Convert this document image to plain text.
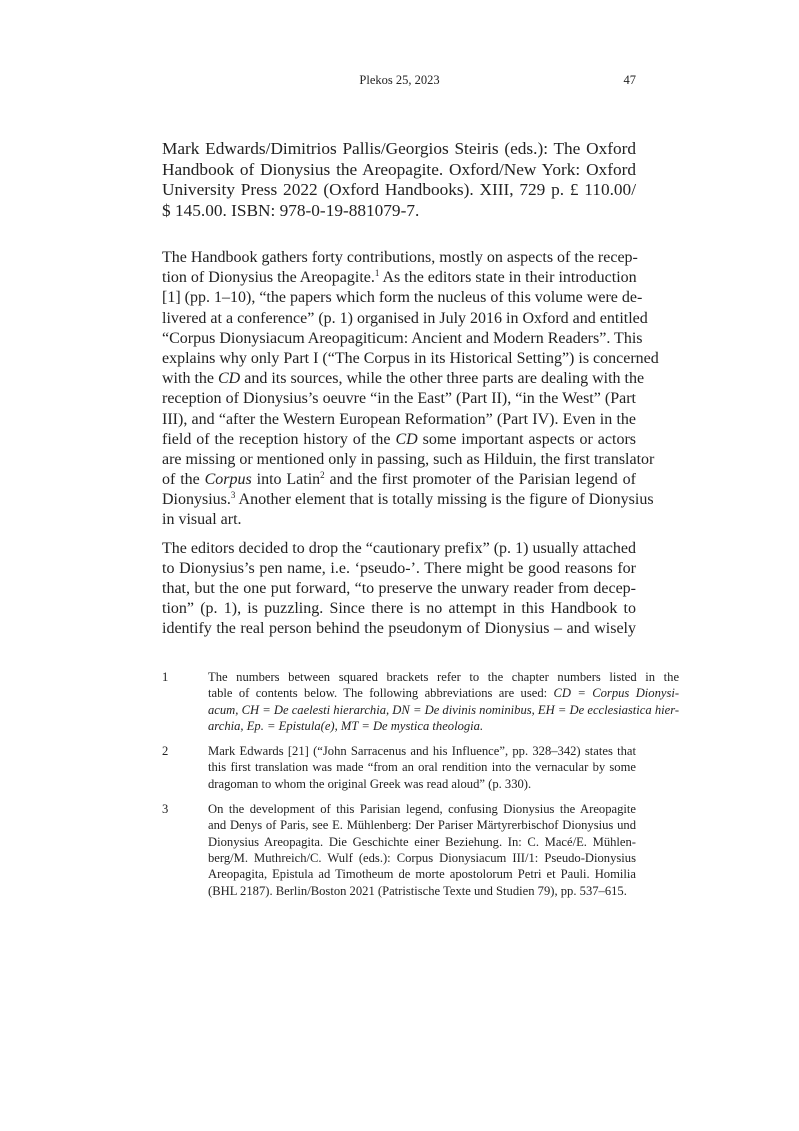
Plekos 25, 2023	47
Mark Edwards/Dimitrios Pallis/Georgios Steiris (eds.): The Oxford
Handbook of Dionysius the Areopagite. Oxford/New York: Oxford
University Press 2022 (Oxford Handbooks). XIII, 729 p. £ 110.00/
$ 145.00. ISBN: 978-0-19-881079-7.
The Handbook gathers forty contributions, mostly on aspects of the recep-
tion of Dionysius the Areopagite.$^1$ As the editors state in their introduction
[1] (pp. 1–10), “the papers which form the nucleus of this volume were de-
livered at a conference” (p. 1) organised in July 2016 in Oxford and entitled
“Corpus Dionysiacum Areopagiticum: Ancient and Modern Readers”. This
explains why only Part I (“The Corpus in its Historical Setting”) is concerned
with the CD and its sources, while the other three parts are dealing with the
reception of Dionysius’s oeuvre “in the East” (Part II), “in the West” (Part
III), and “after the Western European Reformation” (Part IV). Even in the
field of the reception history of the CD some important aspects or actors
are missing or mentioned only in passing, such as Hilduin, the first translator
of the Corpus into Latin$^2$ and the first promoter of the Parisian legend of
Dionysius.$^3$ Another element that is totally missing is the figure of Dionysius
in visual art.
The editors decided to drop the “cautionary prefix” (p. 1) usually attached
to Dionysius’s pen name, i.e. ‘pseudo-’. There might be good reasons for
that, but the one put forward, “to preserve the unwary reader from decep-
tion” (p. 1), is puzzling. Since there is no attempt in this Handbook to
identify the real person behind the pseudonym of Dionysius – and wisely
1	The numbers between squared brackets refer to the chapter numbers listed in the
table of contents below. The following abbreviations are used: CD = Corpus Dionysi-
acum, CH = De caelesti hierarchia, DN = De divinis nominibus, EH = De ecclesiastica hier-
archia, Ep. = Epistula(e), MT = De mystica theologia.
2	Mark Edwards [21] (“John Sarracenus and his Influence”, pp. 328–342) states that
this first translation was made “from an oral rendition into the vernacular by some
dragoman to whom the original Greek was read aloud” (p. 330).
3	On the development of this Parisian legend, confusing Dionysius the Areopagite
and Denys of Paris, see E. Mühlenberg: Der Pariser Märtyrerbischof Dionysius und
Dionysius Areopagita. Die Geschichte einer Beziehung. In: C. Macé/E. Mühlen-
berg/M. Muthreich/C. Wulf (eds.): Corpus Dionysiacum III/1: Pseudo-Dionysius
Areopagita, Epistula ad Timotheum de morte apostolorum Petri et Pauli. Homilia
(BHL 2187). Berlin/Boston 2021 (Patristische Texte und Studien 79), pp. 537–615.
